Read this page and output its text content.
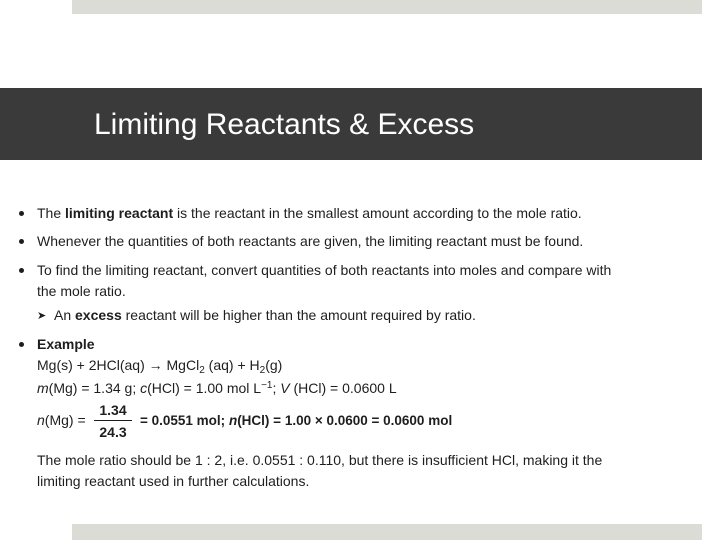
Limiting Reactants & Excess
The limiting reactant is the reactant in the smallest amount according to the mole ratio.
Whenever the quantities of both reactants are given, the limiting reactant must be found.
To find the limiting reactant, convert quantities of both reactants into moles and compare with
the mole ratio.
➤ An excess reactant will be higher than the amount required by ratio.
Example
Mg(s) + 2HCl(aq) → MgCl$_2$ $(aq) + H_2(g)$
m(Mg) = 1.34 g; c(HCl) = 1.00 mol $L^{-1}$; V (HCl) = 0.0600 L
n(Mg) =
1.34
24.3
= 0.0551 mol; n(HCl) = 1.00 × 0.0600 = 0.0600 mol
The mole ratio should be 1 : 2, i.e. 0.0551 : 0.110, but there is insufficient HCl, making it the
limiting reactant used in further calculations.
